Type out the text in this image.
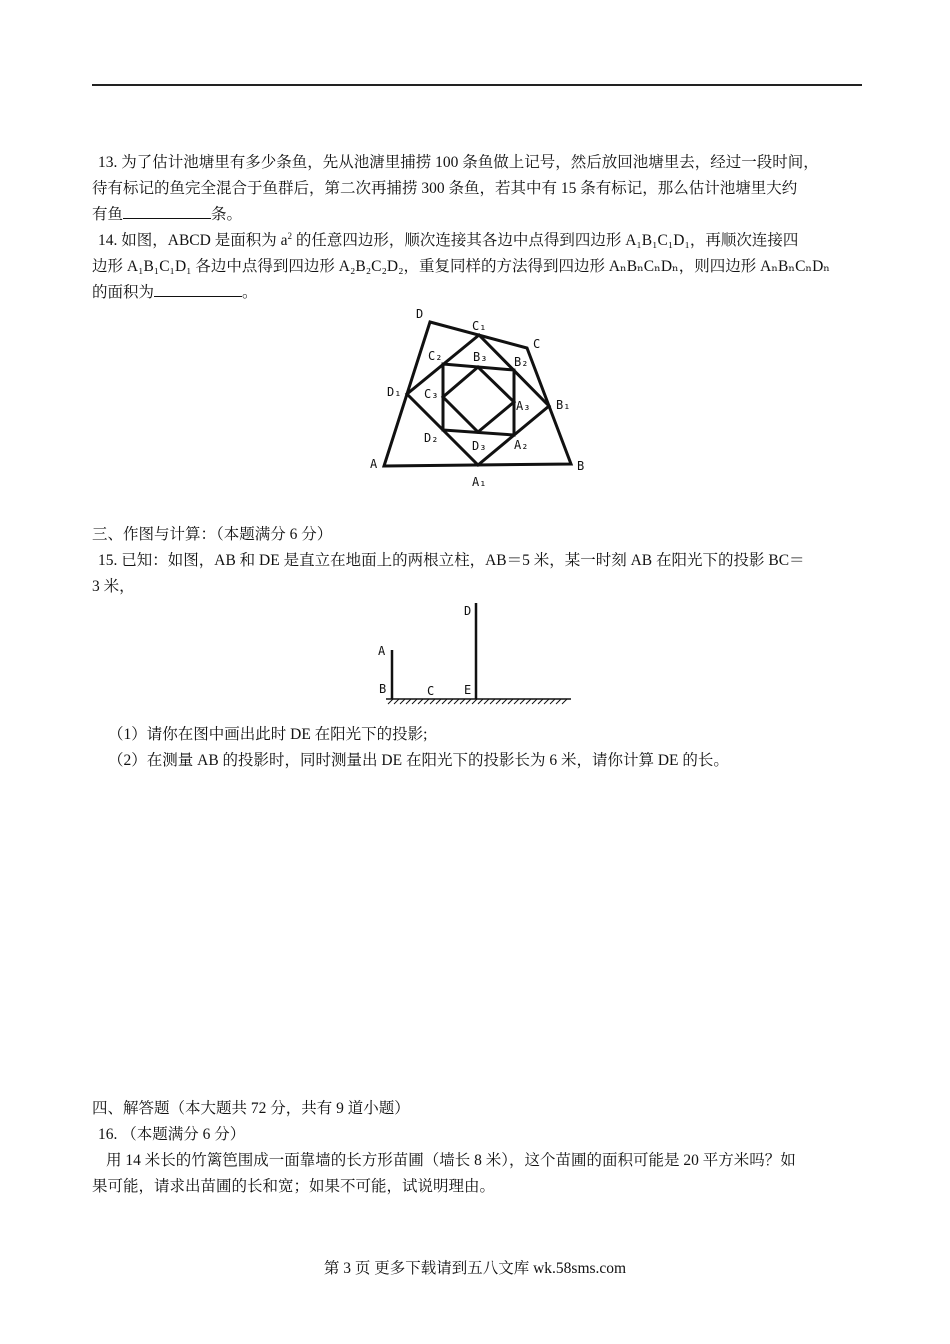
13. 为了估计池塘里有多少条鱼，先从池溏里捕捞 100 条鱼做上记号，然后放回池塘里去，经过一段时间，
待有标记的鱼完全混合于鱼群后，第二次再捕捞 300 条鱼，若其中有 15 条有标记，那么估计池塘里大约
有鱼	条。
14. 如图，ABCD 是面积为 $a^2$ 的任意四边形，顺次连接其各边中点得到四边形 A₁B₁C₁D₁，再顺次连接四
边形 A₁B₁C₁D₁ 各边中点得到四边形 A₂B₂C₂D₂，重复同样的方法得到四边形 AₙBₙCₙDₙ，则四边形 AₙBₙCₙDₙ
的面积为	。
D
C₁
C
C₂	B₃ B₂
D₁ C₃
A₃ B₁
D₂
D₃ A₂
A	B
A₁
三、作图与计算：（本题满分 6 分）
15. 已知：如图，AB 和 DE 是直立在地面上的两根立柱，AB＝5 米，某一时刻 AB 在阳光下的投影 BC＝
3 米，
D
A
B	C E
（1）请你在图中画出此时 DE 在阳光下的投影;
（2）在测量 AB 的投影时，同时测量出 DE 在阳光下的投影长为 6 米，请你计算 DE 的长。
四、解答题（本大题共 72 分，共有 9 道小题）
16. （本题满分 6 分）
用 14 米长的竹篱笆围成一面靠墙的长方形苗圃（墙长 8 米），这个苗圃的面积可能是 20 平方米吗？如
果可能，请求出苗圃的长和宽；如果不可能，试说明理由。
第 3 页 更多下载请到五八文库 wk.58sms.com
